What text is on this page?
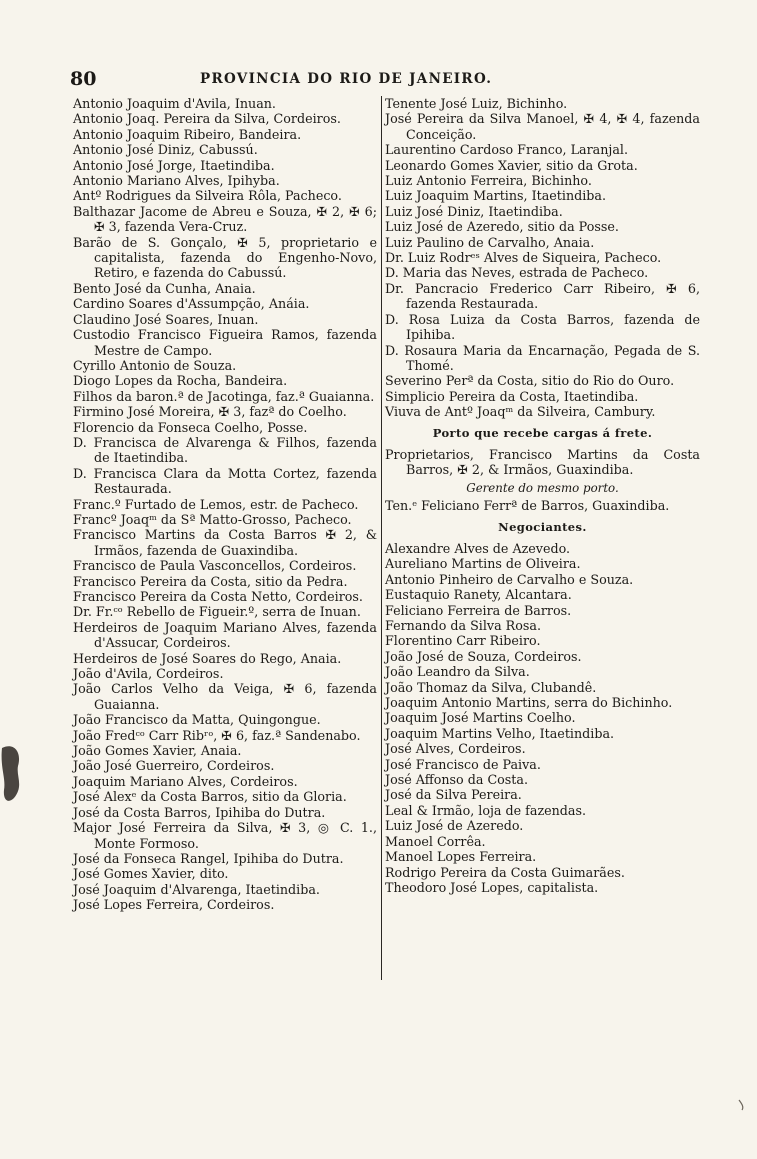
80	PROVINCIA DO RIO DE JANEIRO.
Antonio Joaquim d'Avila, Inuan.
Antonio Joaq. Pereira da Silva, Cordeiros.
Antonio Joaquim Ribeiro, Bandeira.
Antonio José Diniz, Cabussú.
Antonio José Jorge, Itaetindiba.
Antonio Mariano Alves, Ipihyba.
Antº Rodrigues da Silveira Rôla, Pacheco.
Balthazar Jacome de Abreu e Souza, ✠ 2, ✠ 6; ✠ 3, fazenda Vera-Cruz.
Barão de S. Gonçalo, ✠ 5, proprietario e capitalista, fazenda do Engenho-Novo, Retiro, e fazenda do Cabussú.
Bento José da Cunha, Anaia.
Cardino Soares d'Assumpção, Anáia.
Claudino José Soares, Inuan.
Custodio Francisco Figueira Ramos, fazenda Mestre de Campo.
Cyrillo Antonio de Souza.
Diogo Lopes da Rocha, Bandeira.
Filhos da baron.ª de Jacotinga, faz.ª Guaianna.
Firmino José Moreira, ✠ 3, fazª do Coelho.
Florencio da Fonseca Coelho, Posse.
D. Francisca de Alvarenga & Filhos, fazenda de Itaetindiba.
D. Francisca Clara da Motta Cortez, fazenda Restaurada.
Franc.º Furtado de Lemos, estr. de Pacheco.
Francº Joaqᵐ da Sª Matto-Grosso, Pacheco.
Francisco Martins da Costa Barros ✠ 2, & Irmãos, fazenda de Guaxindiba.
Francisco de Paula Vasconcellos, Cordeiros.
Francisco Pereira da Costa, sitio da Pedra.
Francisco Pereira da Costa Netto, Cordeiros.
Dr. Fr.ᶜᵒ Rebello de Figueir.º, serra de Inuan.
Herdeiros de Joaquim Mariano Alves, fazenda d'Assucar, Cordeiros.
Herdeiros de José Soares do Rego, Anaia.
João d'Avila, Cordeiros.
João Carlos Velho da Veiga, ✠ 6, fazenda Guaianna.
João Francisco da Matta, Quingongue.
João Fredᶜᵒ Carr Ribʳᵒ, ✠ 6, faz.ª Sandenabo.
João Gomes Xavier, Anaia.
João José Guerreiro, Cordeiros.
Joaquim Mariano Alves, Cordeiros.
José Alexᵉ da Costa Barros, sitio da Gloria.
José da Costa Barros, Ipihiba do Dutra.
Major José Ferreira da Silva, ✠ 3, ◎ C. 1., Monte Formoso.
José da Fonseca Rangel, Ipihiba do Dutra.
José Gomes Xavier, dito.
José Joaquim d'Alvarenga, Itaetindiba.
José Lopes Ferreira, Cordeiros.
Tenente José Luiz, Bichinho.
José Pereira da Silva Manoel, ✠ 4, ✠ 4, fazenda Conceição.
Laurentino Cardoso Franco, Laranjal.
Leonardo Gomes Xavier, sitio da Grota.
Luiz Antonio Ferreira, Bichinho.
Luiz Joaquim Martins, Itaetindiba.
Luiz José Diniz, Itaetindiba.
Luiz José de Azeredo, sitio da Posse.
Luiz Paulino de Carvalho, Anaia.
Dr. Luiz Rodrᵉˢ Alves de Siqueira, Pacheco.
D. Maria das Neves, estrada de Pacheco.
Dr. Pancracio Frederico Carr Ribeiro, ✠ 6, fazenda Restaurada.
D. Rosa Luiza da Costa Barros, fazenda de Ipihiba.
D. Rosaura Maria da Encarnação, Pegada de S. Thomé.
Severino Perª da Costa, sitio do Rio do Ouro.
Simplicio Pereira da Costa, Itaetindiba.
Viuva de Antº Joaqᵐ da Silveira, Cambury.
Porto que recebe cargas á frete.
Proprietarios, Francisco Martins da Costa Barros, ✠ 2, & Irmãos, Guaxindiba.
Gerente do mesmo porto.
Ten.ᵉ Feliciano Ferrª de Barros, Guaxindiba.
Negociantes.
Alexandre Alves de Azevedo.
Aureliano Martins de Oliveira.
Antonio Pinheiro de Carvalho e Souza.
Eustaquio Ranety, Alcantara.
Feliciano Ferreira de Barros.
Fernando da Silva Rosa.
Florentino Carr Ribeiro.
João José de Souza, Cordeiros.
João Leandro da Silva.
João Thomaz da Silva, Clubandê.
Joaquim Antonio Martins, serra do Bichinho.
Joaquim José Martins Coelho.
Joaquim Martins Velho, Itaetindiba.
José Alves, Cordeiros.
José Francisco de Paiva.
José Affonso da Costa.
José da Silva Pereira.
Leal & Irmão, loja de fazendas.
Luiz José de Azeredo.
Manoel Corrêa.
Manoel Lopes Ferreira.
Rodrigo Pereira da Costa Guimarães.
Theodoro José Lopes, capitalista.
